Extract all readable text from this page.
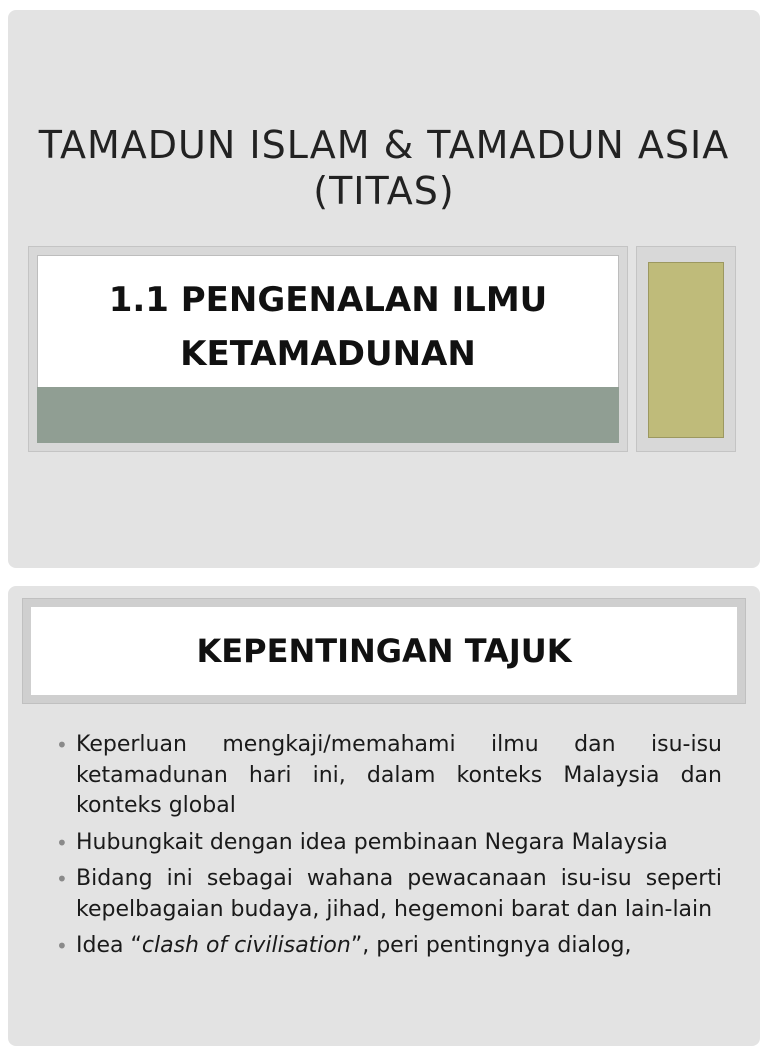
TAMADUN ISLAM & TAMADUN ASIA
(TITAS)
1.1 PENGENALAN ILMU
KETAMADUNAN
KEPENTINGAN TAJUK
• Keperluan mengkaji/memahami ilmu dan isu-isu ketamadunan hari ini, dalam konteks Malaysia dan konteks global
• Hubungkait dengan idea pembinaan Negara Malaysia
• Bidang ini sebagai wahana pewacanaan isu-isu seperti kepelbagaian budaya, jihad, hegemoni barat dan lain-lain
• Idea “clash of civilisation”, peri pentingnya dialog,
